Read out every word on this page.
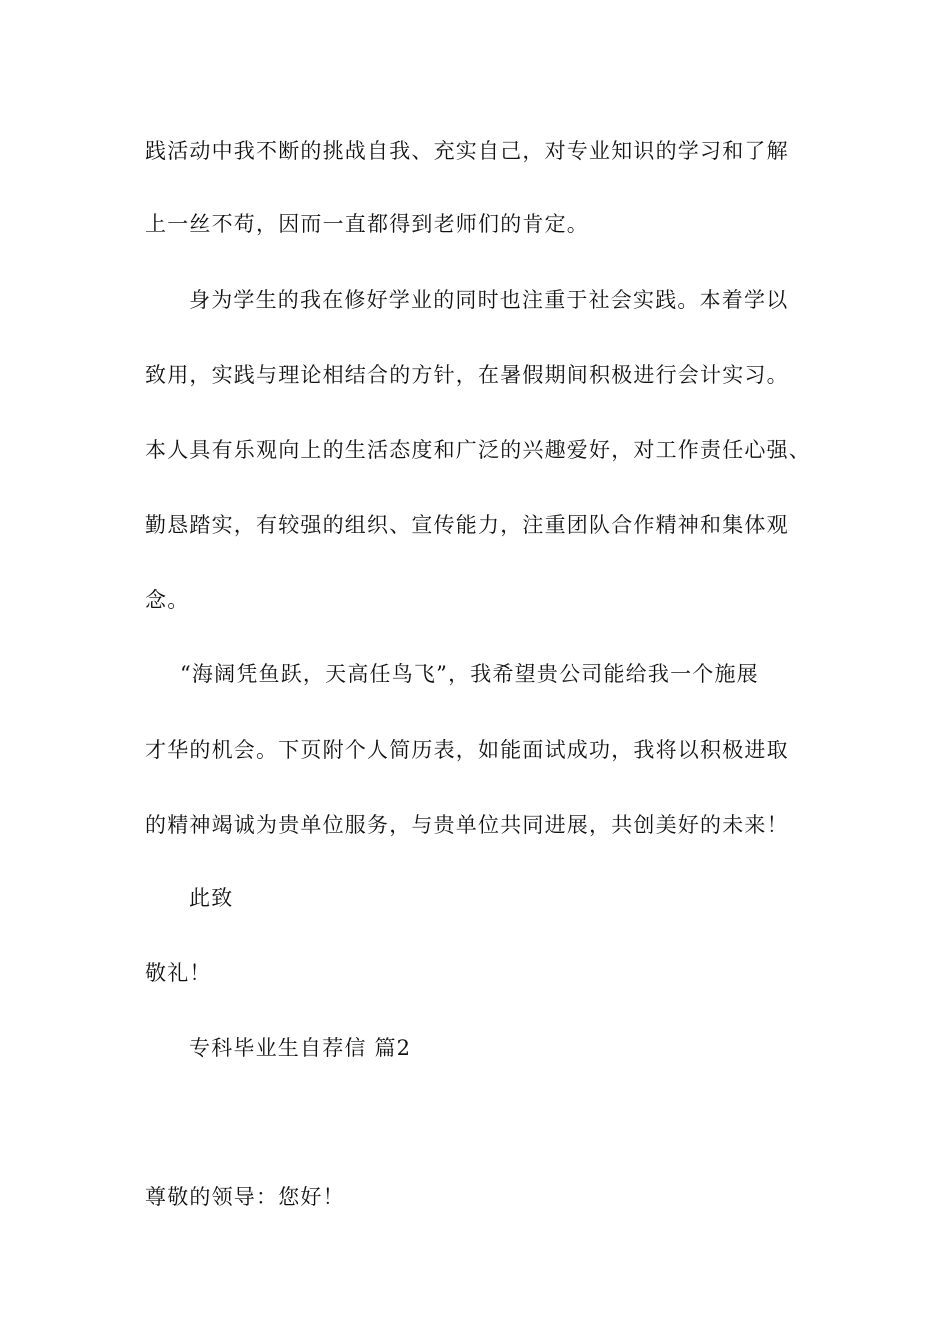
践活动中我不断的挑战自我、充实自己，对专业知识的学习和了解
上一丝不苟，因而一直都得到老师们的肯定。
身为学生的我在修好学业的同时也注重于社会实践。本着学以
致用，实践与理论相结合的方针，在暑假期间积极进行会计实习。
本人具有乐观向上的生活态度和广泛的兴趣爱好，对工作责任心强、
勤恳踏实，有较强的组织、宣传能力，注重团队合作精神和集体观
念。
“海阔凭鱼跃，天高任鸟飞”，我希望贵公司能给我一个施展
才华的机会。下页附个人简历表，如能面试成功，我将以积极进取
的精神竭诚为贵单位服务，与贵单位共同进展，共创美好的未来！
此致
敬礼！
专科毕业生自荐信 篇2
尊敬的领导：您好！
